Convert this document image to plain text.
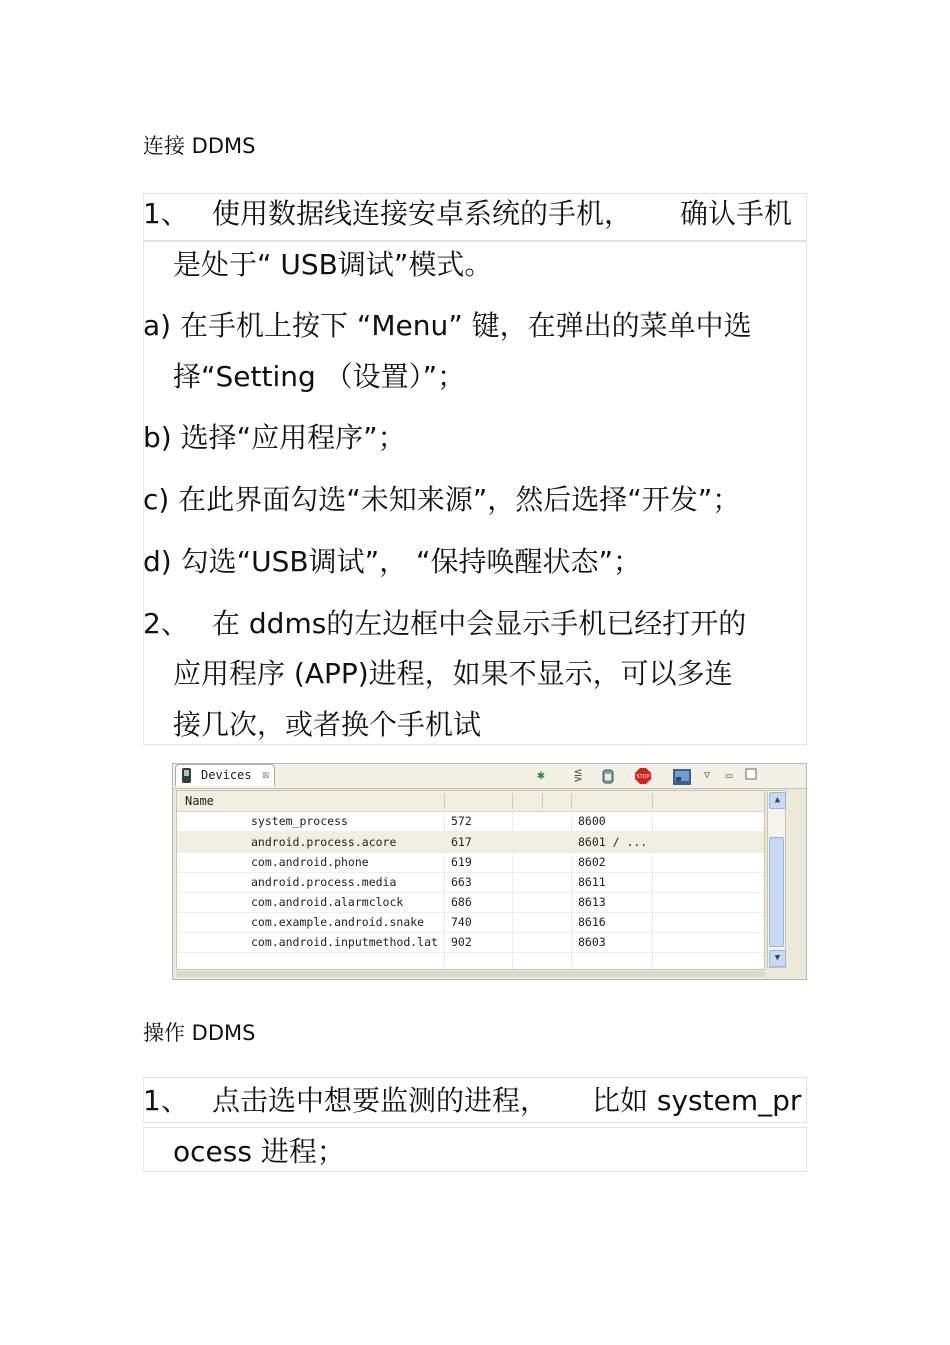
连接 DDMS
1、 使用数据线连接安卓系统的手机， 确认手机
是处于“ USB调试”模式。
a) 在手机上按下 “Menu” 键，在弹出的菜单中选
择“Setting （设置）”；
b) 选择“应用程序”；
c) 在此界面勾选“未知来源”，然后选择“开发”；
d) 勾选“USB调试”， “保持唤醒状态”；
2、 在 ddms的左边框中会显示手机已经打开的
应用程序 (APP)进程，如果不显示，可以多连
接几次，或者换个手机试
Devices ☒	✱	⋚	STOP	▽	▭
Name
system_process	572	8600
android.process.acore	617	8601 / ...
com.android.phone	619	8602
android.process.media	663	8611
com.android.alarmclock	686	8613
com.example.android.snake 740	8616
com.android.inputmethod.lat 902	8603
▲
▼
操作 DDMS
1、 点击选中想要监测的进程， 比如 system_pr
ocess 进程；
